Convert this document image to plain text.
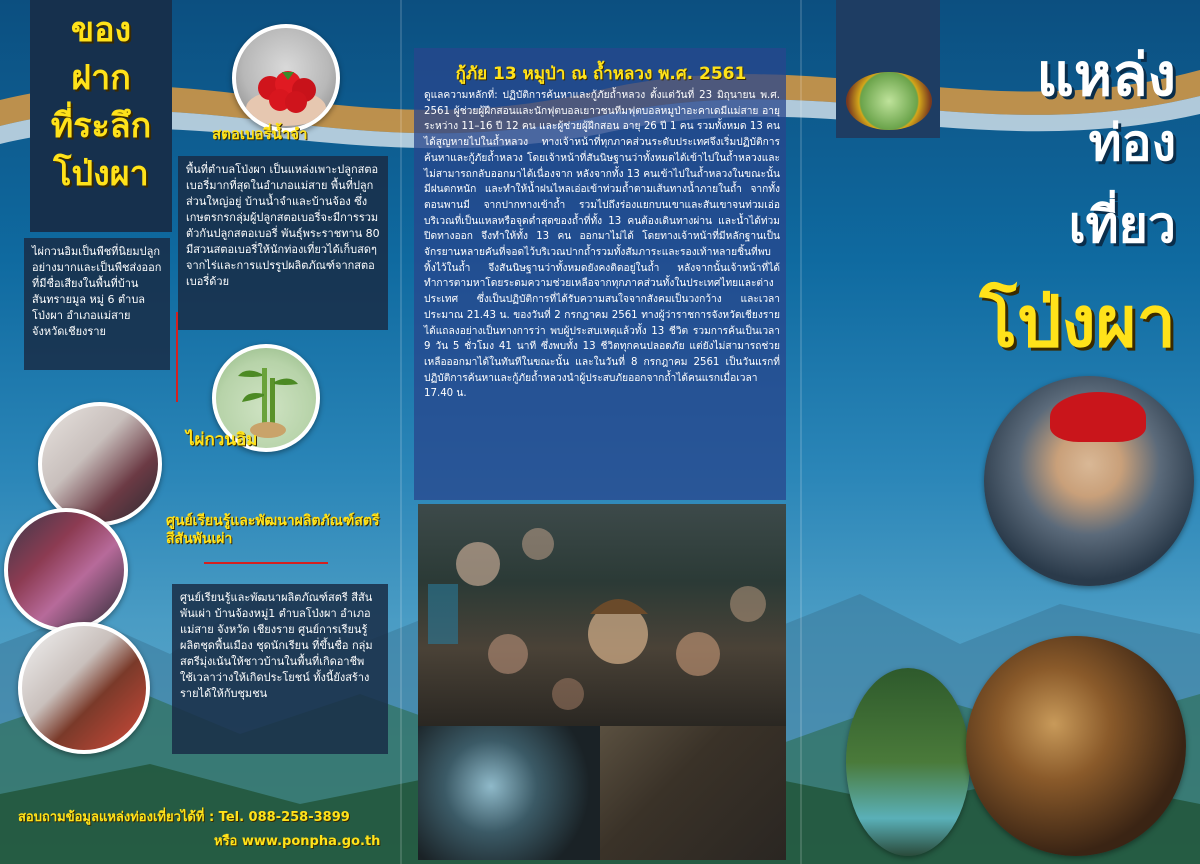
ของ
ฝาก
ที่ระลึก
โป่งผา
สตอเบอรี่น้ำจำ
พื้นที่ตำบลโป่งผา เป็นแหล่งเพาะปลูกสตอเบอรี่มากที่สุดในอำเภอแม่สาย พื้นที่ปลูกส่วนใหญ่อยู่ บ้านน้ำจำและบ้านจ้อง ซึ่งเกษตรกรกลุ่มผู้ปลูกสตอเบอรี่จะมีการรวมตัวกันปลูกสตอเบอรี่ พันธุ์พระราชทาน 80 มีสวนสตอเบอรี่ให้นักท่องเที่ยวได้เก็บสดๆจากไร่และการแปรรูปผลิตภัณฑ์จากสตอเบอรี่ด้วย
ไผ่กวนอิมเป็นพืชที่นิยมปลูกอย่างมากและเป็นพืชส่งออกที่มีชื่อเสียงในพื้นที่บ้านสันทรายมูล หมู่ 6 ตำบลโป่งผา อำเภอแม่สายจังหวัดเชียงราย
ไผ่กวนอิม
ศูนย์เรียนรู้และพัฒนาผลิตภัณฑ์สตรี สีสันพันเผ่า
ศูนย์เรียนรู้และพัฒนาผลิตภัณฑ์สตรี สีสันพันเผ่า บ้านจ้องหมู่1 ตำบลโป่งผา อำเภอแม่สาย จังหวัด เชียงราย ศูนย์การเรียนรู้ผลิตชุดพื้นเมือง ชุดนักเรียน ที่ขึ้นชื่อ กลุ่มสตรีมุ่งเน้นให้ชาวบ้านในพื้นที่เกิดอาชีพ ใช้เวลาว่างให้เกิดประโยชน์ ทั้งนี้ยังสร้างรายได้ให้กับชุมชน
กู้ภัย 13 หมูป่า ณ ถ้ำหลวง พ.ศ. 2561
ดูแลความหลักที่: ปฏิบัติการค้นหาและกู้ภัยถ้ำหลวง ตั้งแต่วันที่ 23 มิถุนายน พ.ศ. 2561 ผู้ช่วยผู้ฝึกสอนและนักฟุตบอลเยาวชนทีมฟุตบอลหมูป่าอะคาเดมีแม่สาย อายุระหว่าง 11–16 ปี 12 คน และผู้ช่วยผู้ฝึกสอน อายุ 26 ปี 1 คน รวมทั้งหมด 13 คน ได้สูญหายไปในถ้ำหลวง ทางเจ้าหน้าที่ทุกภาคส่วนระดับประเทศจึงเริ่มปฏิบัติการค้นหาและกู้ภัยถ้ำหลวง โดยเจ้าหน้าที่สันนิษฐานว่าทั้งหมดได้เข้าไปในถ้ำหลวงและไม่สามารถกลับออกมาได้เนื่องจาก หลังจากทั้ง 13 คนเข้าไปในถ้ำหลวงในขณะนั้นมีฝนตกหนัก และทำให้น้ำฝนไหลเอ่อเข้าท่วมถ้ำตามเส้นทางน้ำภายในถ้ำ จากทั้งตอนพานมี จากปากทางเข้าถ้ำ รวมไปถึงร่องแยกบนเขาและสันเขาจนท่วมเอ่อบริเวณที่เป็นแหลหรือจุดต่ำสุดของถ้ำที่ทั้ง 13 คนต้องเดินทางผ่าน และน้ำได้ท่วมปิดทางออก จึงทำให้ทั้ง 13 คน ออกมาไม่ได้ โดยทางเจ้าหน้าที่มีหลักฐานเป็นจักรยานหลายคันที่จอดไว้บริเวณปากถ้ำรวมทั้งสัมภาระและรองเท้าหลายชิ้นที่พบทิ้งไว้ในถ้ำ จึงสันนิษฐานว่าทั้งหมดยังคงติดอยู่ในถ้ำ หลังจากนั้นเจ้าหน้าที่ได้ทำการตามหาโดยระดมความช่วยเหลือจากทุกภาคส่วนทั้งในประเทศไทยและต่างประเทศ ซึ่งเป็นปฏิบัติการที่ได้รับความสนใจจากสังคมเป็นวงกว้าง และเวลาประมาณ 21.43 น. ของวันที่ 2 กรกฎาคม 2561 ทางผู้ว่าราชการจังหวัดเชียงราย ได้แถลงอย่างเป็นทางการว่า พบผู้ประสบเหตุแล้วทั้ง 13 ชีวิต รวมการค้นเป็นเวลา 9 วัน 5 ชั่วโมง 41 นาที ซึ่งพบทั้ง 13 ชีวิตทุกคนปลอดภัย แต่ยังไม่สามารถช่วยเหลือออกมาได้ในทันทีในขณะนั้น และในวันที่ 8 กรกฎาคม 2561 เป็นวันแรกที่ปฏิบัติการค้นหาและกู้ภัยถ้ำหลวงนำผู้ประสบภัยออกจากถ้ำได้คนแรกเมื่อเวลา 17.40 น.
แหล่ง
ท่อง
เที่ยว
โป่งผา
สอบถามข้อมูลแหล่งท่องเที่ยวได้ที่ : Tel. 088-258-3899
หรือ www.ponpha.go.th
